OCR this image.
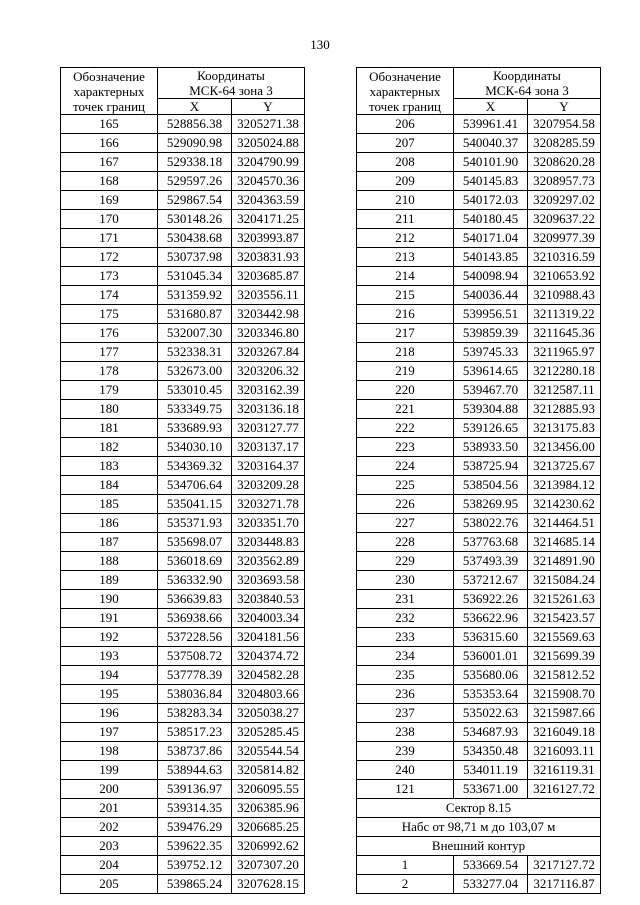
130
Обозначение
характерных
точек границ	Координаты	
	МСК-64 зона 3	
	X	Y
165	528856.38	3205271.38
166	529090.98	3205024.88
167	529338.18	3204790.99
168	529597.26	3204570.36
169	529867.54	3204363.59
170	530148.26	3204171.25
171	530438.68	3203993.87
172	530737.98	3203831.93
173	531045.34	3203685.87
174	531359.92	3203556.11
175	531680.87	3203442.98
176	532007.30	3203346.80
177	532338.31	3203267.84
178	532673.00	3203206.32
179	533010.45	3203162.39
180	533349.75	3203136.18
181	533689.93	3203127.77
182	534030.10	3203137.17
183	534369.32	3203164.37
184	534706.64	3203209.28
185	535041.15	3203271.78
186	535371.93	3203351.70
187	535698.07	3203448.83
188	536018.69	3203562.89
189	536332.90	3203693.58
190	536639.83	3203840.53
191	536938.66	3204003.34
192	537228.56	3204181.56
193	537508.72	3204374.72
194	537778.39	3204582.28
195	538036.84	3204803.66
196	538283.34	3205038.27
197	538517.23	3205285.45
198	538737.86	3205544.54
199	538944.63	3205814.82
200	539136.97	3206095.55
201	539314.35	3206385.96
202	539476.29	3206685.25
203	539622.35	3206992.62
204	539752.12	3207307.20
205	539865.24	3207628.15
Обозначение
характерных
точек границ	Координаты	
	МСК-64 зона 3	
	X	Y
206	539961.41	3207954.58
207	540040.37	3208285.59
208	540101.90	3208620.28
209	540145.83	3208957.73
210	540172.03	3209297.02
211	540180.45	3209637.22
212	540171.04	3209977.39
213	540143.85	3210316.59
214	540098.94	3210653.92
215	540036.44	3210988.43
216	539956.51	3211319.22
217	539859.39	3211645.36
218	539745.33	3211965.97
219	539614.65	3212280.18
220	539467.70	3212587.11
221	539304.88	3212885.93
222	539126.65	3213175.83
223	538933.50	3213456.00
224	538725.94	3213725.67
225	538504.56	3213984.12
226	538269.95	3214230.62
227	538022.76	3214464.51
228	537763.68	3214685.14
229	537493.39	3214891.90
230	537212.67	3215084.24
231	536922.26	3215261.63
232	536622.96	3215423.57
233	536315.60	3215569.63
234	536001.01	3215699.39
235	535680.06	3215812.52
236	535353.64	3215908.70
237	535022.63	3215987.66
238	534687.93	3216049.18
239	534350.48	3216093.11
240	534011.19	3216119.31
121	533671.00	3216127.72
Сектор 8.15		
Набс от 98,71 м до 103,07 м		
Внешний контур		
1	533669.54	3217127.72
2	533277.04	3217116.87
